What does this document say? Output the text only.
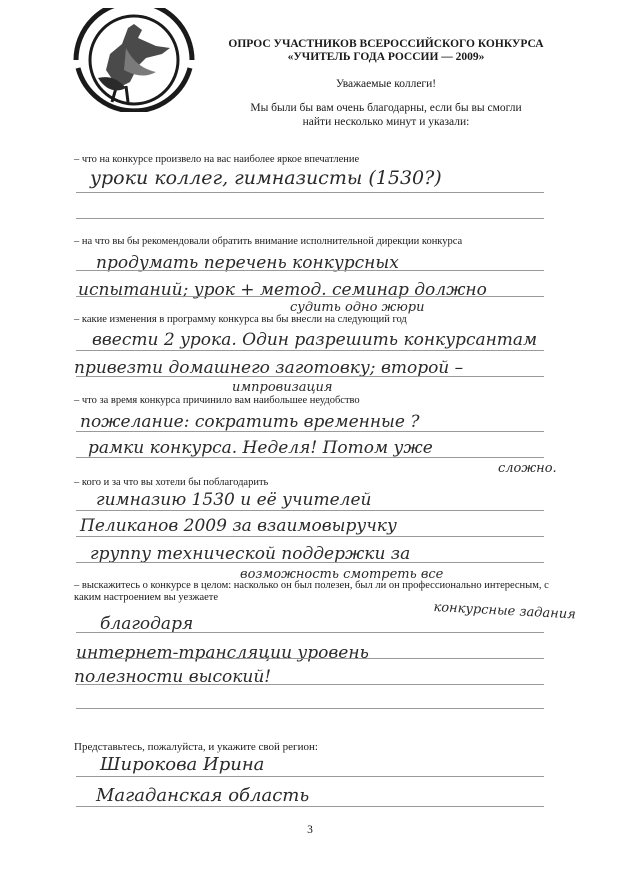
ОПРОС УЧАСТНИКОВ ВСЕРОССИЙСКОГО КОНКУРСА
«УЧИТЕЛЬ ГОДА РОССИИ — 2009»
Уважаемые коллеги!
Мы были бы вам очень благодарны, если бы вы смогли
найти несколько минут и указали:
– что на конкурсе произвело на вас наиболее яркое впечатление
уроки коллег, гимназисты (1530?)
– на что вы бы рекомендовали обратить внимание исполнительной дирекции конкурса
продумать перечень конкурсных
испытаний; урок + метод. семинар должно
судить одно жюри
– какие изменения в программу конкурса вы бы внесли на следующий год
ввести 2 урока. Один разрешить конкурсантам
привезти домашнего заготовку; второй –
импровизация
– что за время конкурса причинило вам наибольшее неудобство
пожелание: сократить временные ?
рамки конкурса. Неделя! Потом уже
сложно.
– кого и за что вы хотели бы поблагодарить
гимназию 1530 и её учителей
Пеликанов 2009 за взаимовыручку
группу технической поддержки за
возможность смотреть все
– выскажитесь о конкурсе в целом: насколько он был полезен, был ли он профессионально интересным, с каким настроением вы уезжаете
конкурсные задания
благодаря
интернет-трансляции уровень
полезности высокий!
Представьтесь, пожалуйста, и укажите свой регион:
Широкова Ирина
Магаданская область
3
